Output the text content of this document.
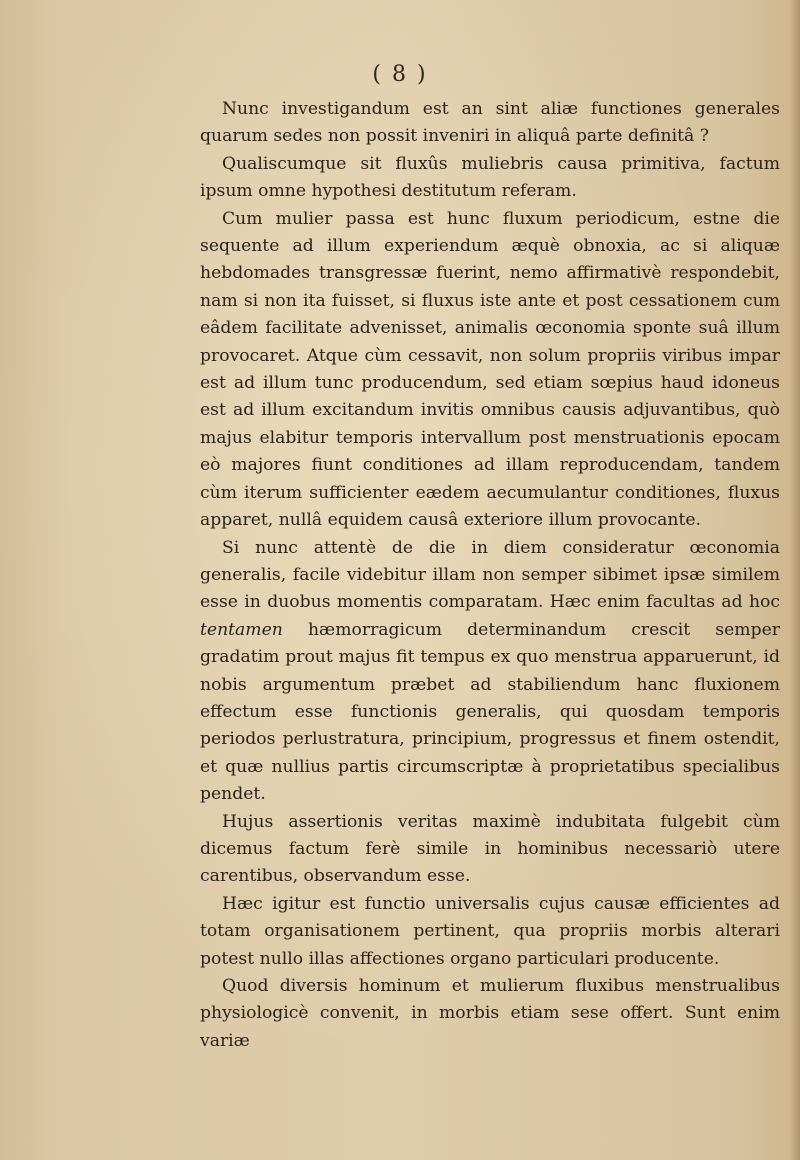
( 8 )

Nunc investigandum est an sint aliæ functiones generales quarum sedes non possit inveniri in aliquâ parte definitâ ?

Qualiscumque sit fluxûs muliebris causa primitiva, factum ipsum omne hypothesi destitutum referam.

Cum mulier passa est hunc fluxum periodicum, estne die sequente ad illum experiendum æquè obnoxia, ac si aliquæ hebdomades transgressæ fuerint, nemo affirmativè respondebit, nam si non ita fuisset, si fluxus iste ante et post cessationem cum eâdem facilitate advenisset, animalis œconomia sponte suâ illum provocaret. Atque cùm cessavit, non solum propriis viribus impar est ad illum tunc producendum, sed etiam sœpius haud idoneus est ad illum excitandum invitis omnibus causis adjuvantibus, quò majus elabitur temporis intervallum post menstruationis epocam eò majores fiunt conditiones ad illam reproducendam, tandem cùm iterum sufficienter eædem aecumulantur conditiones, fluxus apparet, nullâ equidem causâ exteriore illum provocante.

Si nunc attentè de die in diem consideratur œconomia generalis, facile videbitur illam non semper sibimet ipsæ similem esse in duobus momentis comparatam. Hæc enim facultas ad hoc tentamen hæmorragicum determinandum crescit semper gradatim prout majus fit tempus ex quo menstrua apparuerunt, id nobis argumentum præbet ad stabiliendum hanc fluxionem effectum esse functionis generalis, qui quosdam temporis periodos perlustratura, principium, progressus et finem ostendit, et quæ nullius partis circumscriptæ à proprietatibus specialibus pendet.

Hujus assertionis veritas maximè indubitata fulgebit cùm dicemus factum ferè simile in hominibus necessariò utere carentibus, observandum esse.

Hæc igitur est functio universalis cujus causæ efficientes ad totam organisationem pertinent, qua propriis morbis alterari potest nullo illas affectiones organo particulari producente.

Quod diversis hominum et mulierum fluxibus menstrualibus physiologicè convenit, in morbis etiam sese offert. Sunt enim variæ
